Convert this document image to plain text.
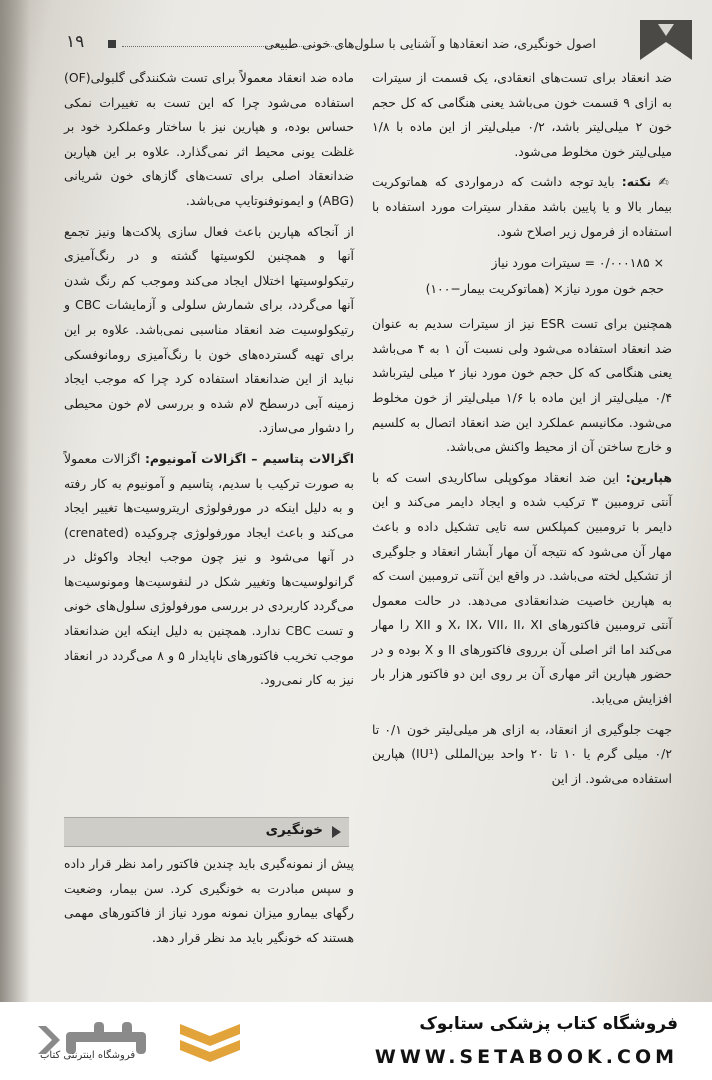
اصول خونگیری، ضد انعقادها و آشنایی با سلول‌های خونی طبیعی
۱۹

ضد انعقاد برای تست‌های انعقادی، یک قسمت از سیترات به ازای ۹ قسمت خون می‌باشد یعنی هنگامی که کل حجم خون ۲ میلی‌لیتر باشد، ۰/۲ میلی‌لیتر از این ماده با ۱/۸ میلی‌لیتر خون مخلوط می‌شود.

✍ نکته: باید توجه داشت که درمواردی که هماتوکریت بیمار بالا و یا پایین باشد مقدار سیترات مورد استفاده با استفاده از فرمول زیر اصلاح شود.

× ۰/۰۰۰۱۸۵ = سیترات مورد نیاز
حجم خون مورد نیاز× (هماتوکریت بیمار−۱۰۰)

همچنین برای تست ESR نیز از سیترات سدیم به عنوان ضد انعقاد استفاده می‌شود ولی نسبت آن ۱ به ۴ می‌باشد یعنی هنگامی که کل حجم خون مورد نیاز ۲ میلی لیترباشد ۰/۴ میلی‌لیتر از این ماده با ۱/۶ میلی‌لیتر از خون مخلوط می‌شود. مکانیسم عملکرد این ضد انعقاد اتصال به کلسیم و خارج ساختن آن از محیط واکنش می‌باشد.

هپارین: این ضد انعقاد موکوپلی ساکاریدی است که با آنتی ترومبین ۳ ترکیب شده و ایجاد دایمر می‌کند و این دایمر با ترومبین کمپلکس سه تایی تشکیل داده و باعث مهار آن می‌شود که نتیجه آن مهار آبشار انعقاد و جلوگیری از تشکیل لخته می‌باشد. در واقع این آنتی ترومبین است که به هپارین خاصیت ضدانعقادی می‌دهد. در حالت معمول آنتی ترومبین فاکتورهای X، IX، VII، II، XI و XII را مهار می‌کند اما اثر اصلی آن برروی فاکتورهای II و X بوده و در حضور هپارین اثر مهاری آن بر روی این دو فاکتور هزار بار افزایش می‌یابد.

جهت جلوگیری از انعقاد، به ازای هر میلی‌لیتر خون ۰/۱ تا ۰/۲ میلی گرم یا ۱۰ تا ۲۰ واحد بین‌المللی (IU¹) هپارین استفاده می‌شود. از این

ماده ضد انعقاد معمولاً برای تست شکنندگی گلبولی(OF) استفاده می‌شود چرا که این تست به تغییرات نمکی حساس بوده، و هپارین نیز با ساختار وعملکرد خود بر غلظت یونی محیط اثر نمی‌گذارد. علاوه بر این هپارین ضدانعقاد اصلی برای تست‌های گازهای خون شریانی (ABG) و ایمونوفنوتایپ می‌باشد.

از آنجاکه هپارین باعث فعال سازی پلاکت‌ها ونیز تجمع آنها و همچنین لکوسیتها گشته و در رنگ‌آمیزی رتیکولوسیتها اختلال ایجاد می‌کند وموجب کم رنگ شدن آنها می‌گردد، برای شمارش سلولی و آزمایشات CBC و رتیکولوسیت ضد انعقاد مناسبی نمی‌باشد. علاوه بر این برای تهیه گسترده‌های خون با رنگ‌آمیزی رومانوفسکی نباید از این ضدانعقاد استفاده کرد چرا که موجب ایجاد زمینه آبی درسطح لام شده و بررسی لام خون محیطی را دشوار می‌سازد.

اگزالات پتاسیم – اگزالات آمونیوم: اگزالات معمولاً به صورت ترکیب با سدیم، پتاسیم و آمونیوم به کار رفته و به دلیل اینکه در مورفولوژی اریتروسیت‌ها تغییر ایجاد می‌کند و باعث ایجاد مورفولوژی چروکیده (crenated) در آنها می‌شود و نیز چون موجب ایجاد واکوئل در گرانولوسیت‌ها وتغییر شکل در لنفوسیت‌ها ومونوسیت‌ها می‌گردد کاربردی در بررسی مورفولوژی سلول‌های خونی و تست CBC ندارد. همچنین به دلیل اینکه این ضدانعقاد موجب تخریب فاکتورهای ناپایدار ۵ و ۸ می‌گردد در انعقاد نیز به کار نمی‌رود.

خونگیری

پیش از نمونه‌گیری باید چندین فاکتور رامد نظر قرار داده و سپس مبادرت به خونگیری کرد. سن بیمار، وضعیت رگهای بیمارو میزان نمونه مورد نیاز از فاکتورهای مهمی هستند که خونگیر باید مد نظر قرار دهد.

فروشگاه اینترنتی کتاب
فروشگاه کتاب پزشکی ستابوک
WWW.SETABOOK.COM
